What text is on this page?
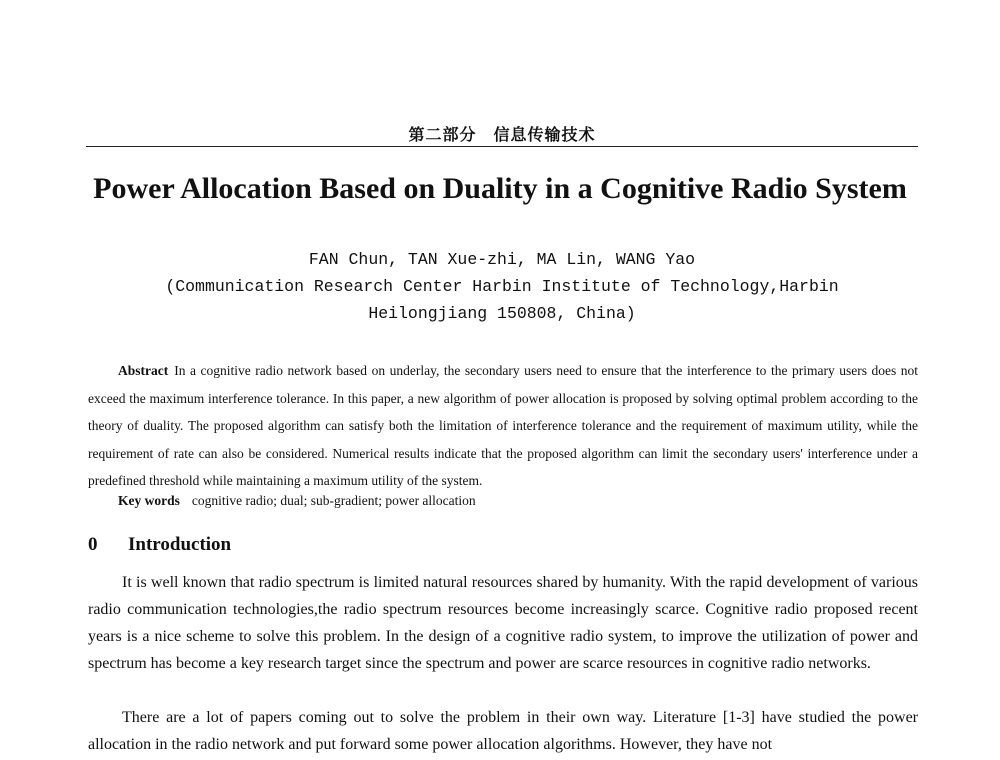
第二部分　信息传输技术
Power Allocation Based on Duality in a Cognitive Radio System

FAN Chun, TAN Xue-zhi, MA Lin, WANG Yao

(Communication Research Center Harbin Institute of Technology,Harbin

Heilongjiang 150808, China)

Abstract In a cognitive radio network based on underlay, the secondary users need to ensure that the interference to the primary users does not exceed the maximum interference tolerance. In this paper, a new algorithm of power allocation is proposed by solving optimal problem according to the theory of duality. The proposed algorithm can satisfy both the limitation of interference tolerance and the requirement of maximum utility, while the requirement of rate can also be considered. Numerical results indicate that the proposed algorithm can limit the secondary users' interference under a predefined threshold while maintaining a maximum utility of the system.

Key words cognitive radio; dual; sub-gradient; power allocation

0 Introduction

It is well known that radio spectrum is limited natural resources shared by humanity. With the rapid development of various radio communication technologies,the radio spectrum resources become increasingly scarce. Cognitive radio proposed recent years is a nice scheme to solve this problem. In the design of a cognitive radio system, to improve the utilization of power and spectrum has become a key research target since the spectrum and power are scarce resources in cognitive radio networks.

There are a lot of papers coming out to solve the problem in their own way. Literature [1-3] have studied the power allocation in the radio network and put forward some power allocation algorithms. However, they have not
